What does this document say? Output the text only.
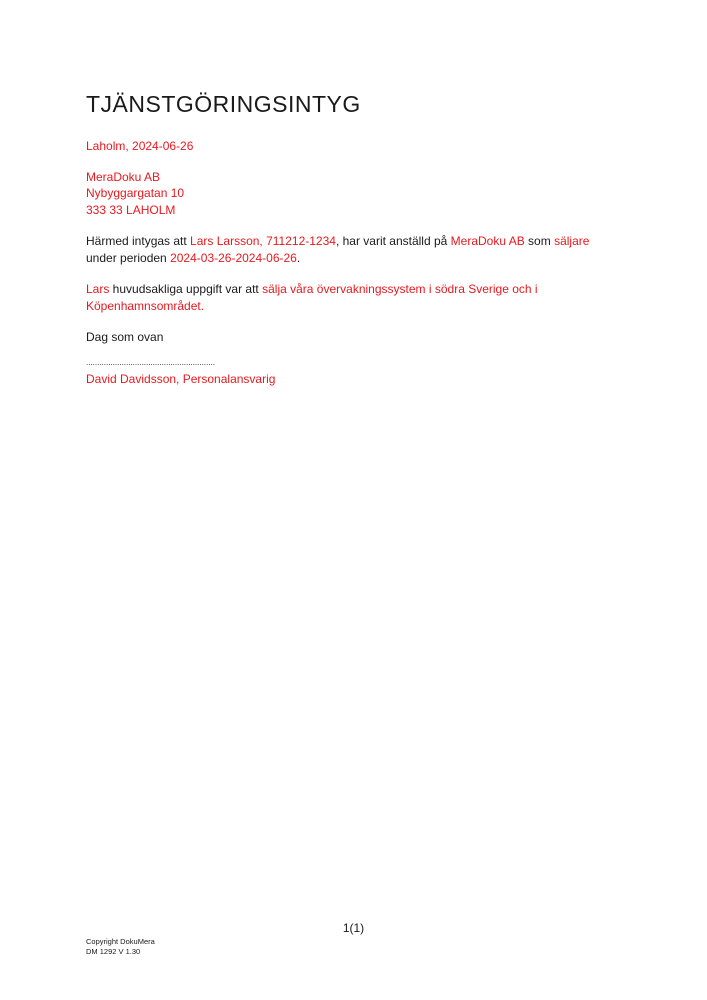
TJÄNSTGÖRINGSINTYG

Laholm, 2024-06-26

MeraDoku AB

Nybyggargatan 10

333 33 LAHOLM

Härmed intygas att Lars Larsson, 711212-1234, har varit anställd på MeraDoku AB som säljare

under perioden 2024-03-26-2024-06-26.

Lars huvudsakliga uppgift var att sälja våra övervakningssystem i södra Sverige och i

Köpenhamnsområdet.

Dag som ovan

..........................................................

David Davidsson, Personalansvarig

1(1)
Copyright DokuMera
DM 1292 V 1.30
